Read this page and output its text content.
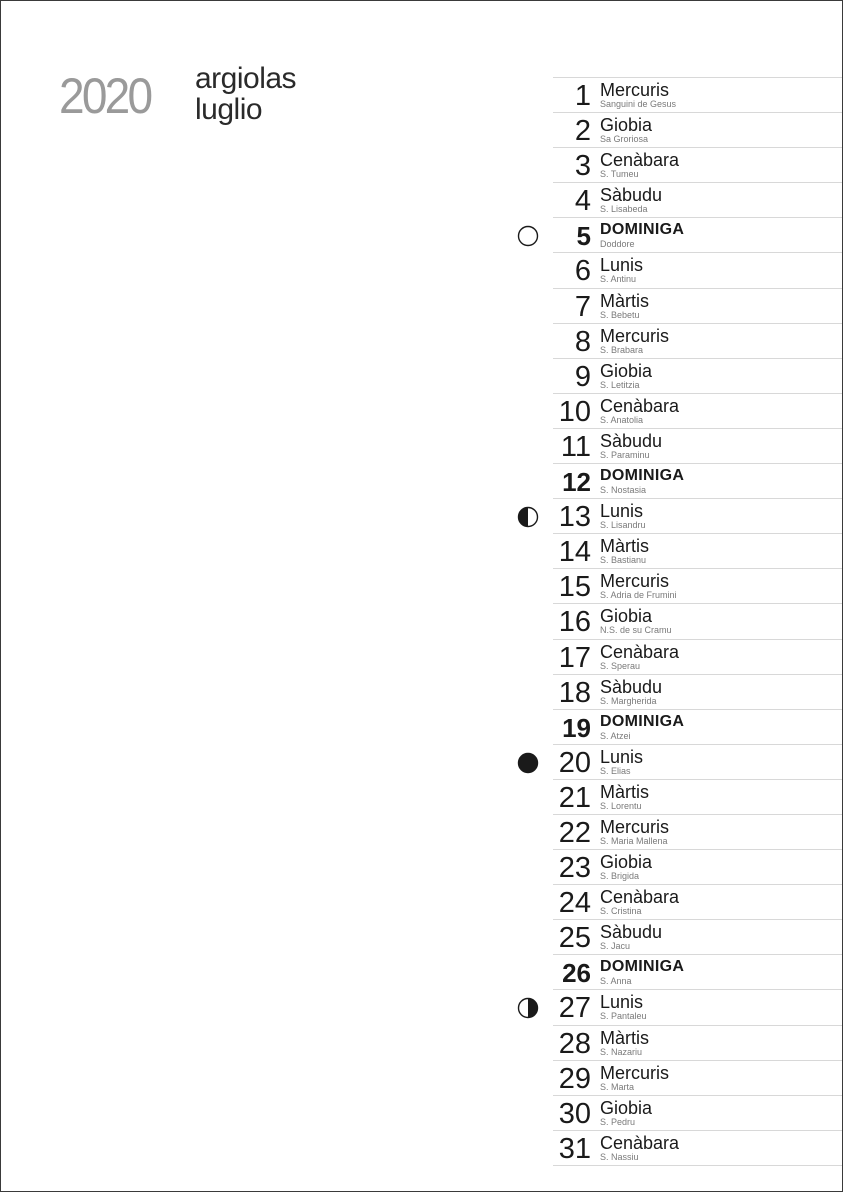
2020 argiolas
luglio	1 Mercuris
Sanguini de Gesus
2 Giobia
Sa Groriosa
3 Cenàbara
S. Tumeu
4 Sàbudu
S. Lisabeda
5 DOMINIGA
Doddore
6 Lunis
S. Antinu
7 Màrtis
S. Bebetu
8 Mercuris
S. Brabara
9 Giobia
S. Letitzia
10 Cenàbara
S. Anatolia
11 Sàbudu
S. Paraminu
12 DOMINIGA
S. Nostasia
13 Lunis
S. Lisandru
14 Màrtis
S. Bastianu
15 Mercuris
S. Adria de Frumini
16 Giobia
N.S. de su Cramu
17 Cenàbara
S. Sperau
18 Sàbudu
S. Margherida
19 DOMINIGA
S. Atzei
20 Lunis
S. Elias
21 Màrtis
S. Lorentu
22 Mercuris
S. Maria Mallena
23 Giobia
S. Brigida
24 Cenàbara
S. Cristina
25 Sàbudu
S. Jacu
26 DOMINIGA
S. Anna
27 Lunis
S. Pantaleu
28 Màrtis
S. Nazariu
29 Mercuris
S. Marta
30 Giobia
S. Pedru
31 Cenàbara
S. Nassiu
